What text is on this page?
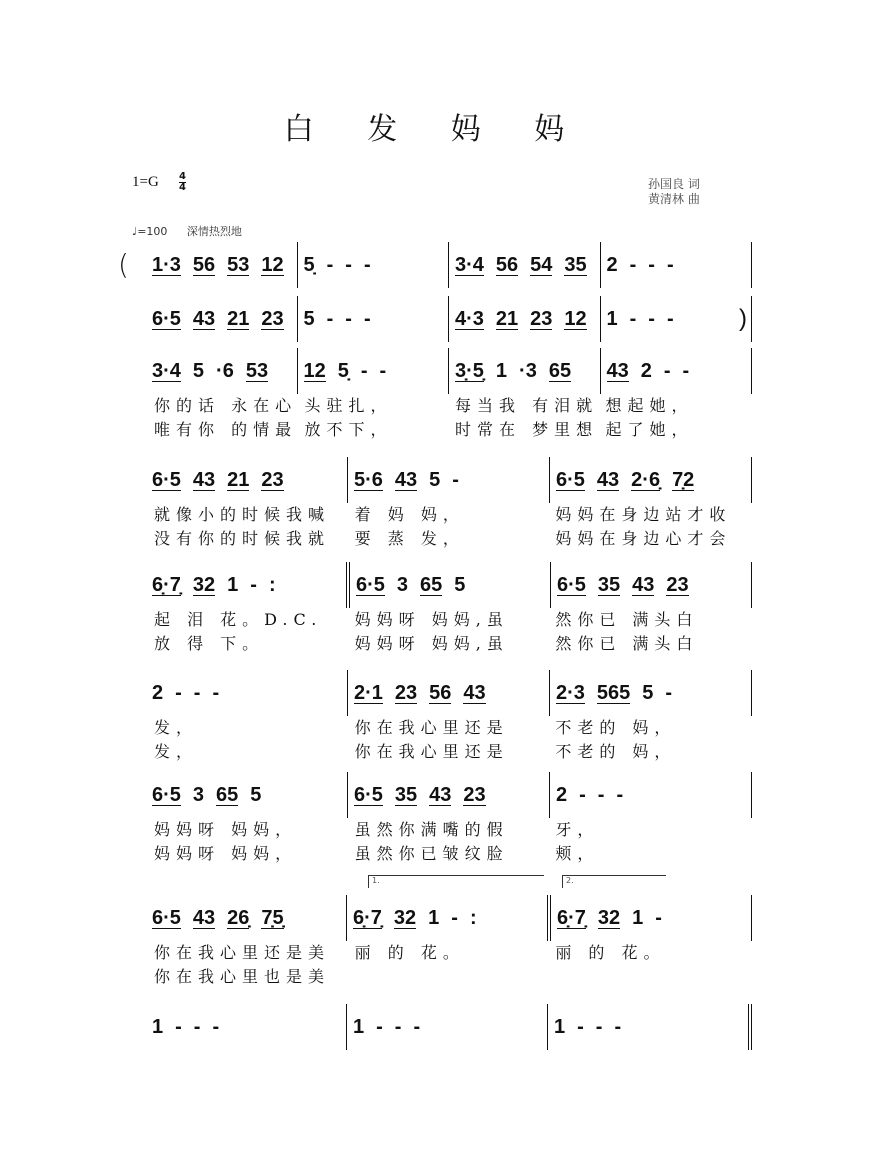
白 发 妈 妈
1=G 4
4	孙国良 词
黄清林 曲
♩=100 深情热烈地
( 1·3 56 53 12 5̣ - - -	3·4 56 54 35 2 - - -
6·5 43 21 23 5 - - -	4·3 21 23 12 1 - - -	)
3·4 5 ·6 53 12 5̣ - -	3̣·5̣ 1 ·3 65 43 2 - -
你的话 永在心 头驻扎，	每当我 有泪就 想起她，
唯有你 的情最 放不下，	时常在 梦里想 起了她，
6·5 43 21 23	5·6 43 5 -	6·5 43 2·6̣ 7̣2
就像小的时候我喊	着 妈 妈，	妈妈在身边站才收
没有你的时候我就	要 蒸 发，	妈妈在身边心才会
6̣·7̣ 32 1 - :	6·5 3 65 5	6·5 35 43 23
起 泪 花。D.C.	妈妈呀 妈妈,虽	然你已 满头白
放 得 下。	妈妈呀 妈妈,虽	然你已 满头白
2 - - -	2·1 23 56 43	2·3 565 5 -
发，	你在我心里还是	不老的 妈，
发，	你在我心里还是	不老的 妈，
6·5 3 65 5	6·5 35 43 23	2 - - -
妈妈呀 妈妈，	虽然你满嘴的假	牙，
妈妈呀 妈妈，	虽然你已皱纹脸	颊，
6·5 43 26̣ 7̣5̣	6̣·7̣ 32 1 - :	6̣·7̣ 32 1 -
1.	2.
你在我心里还是美	丽 的 花。	丽 的 花。
你在我心里也是美
1 - - -	1 - - -	1 - - -
